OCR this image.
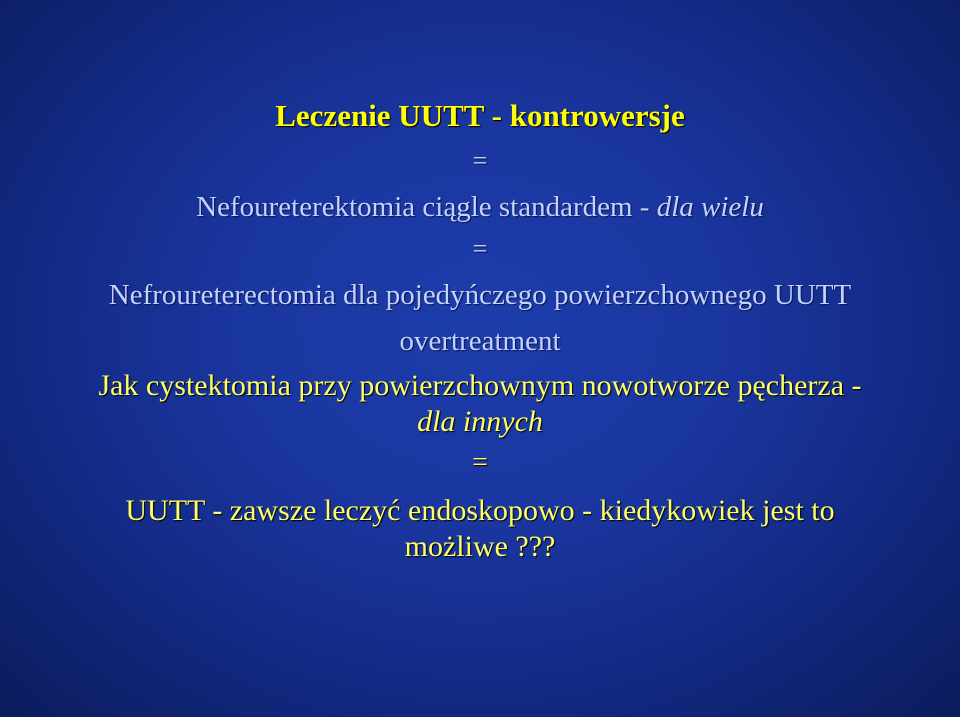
Leczenie UUTT - kontrowersje
=
Nefoureterektomia ciągle standardem - dla wielu
=
Nefroureterectomia dla pojedyńczego powierzchownego UUTT
overtreatment
Jak cystektomia przy powierzchownym nowotworze pęcherza -
dla innych
=
UUTT - zawsze leczyć endoskopowo - kiedykowiek jest to
możliwe ???
